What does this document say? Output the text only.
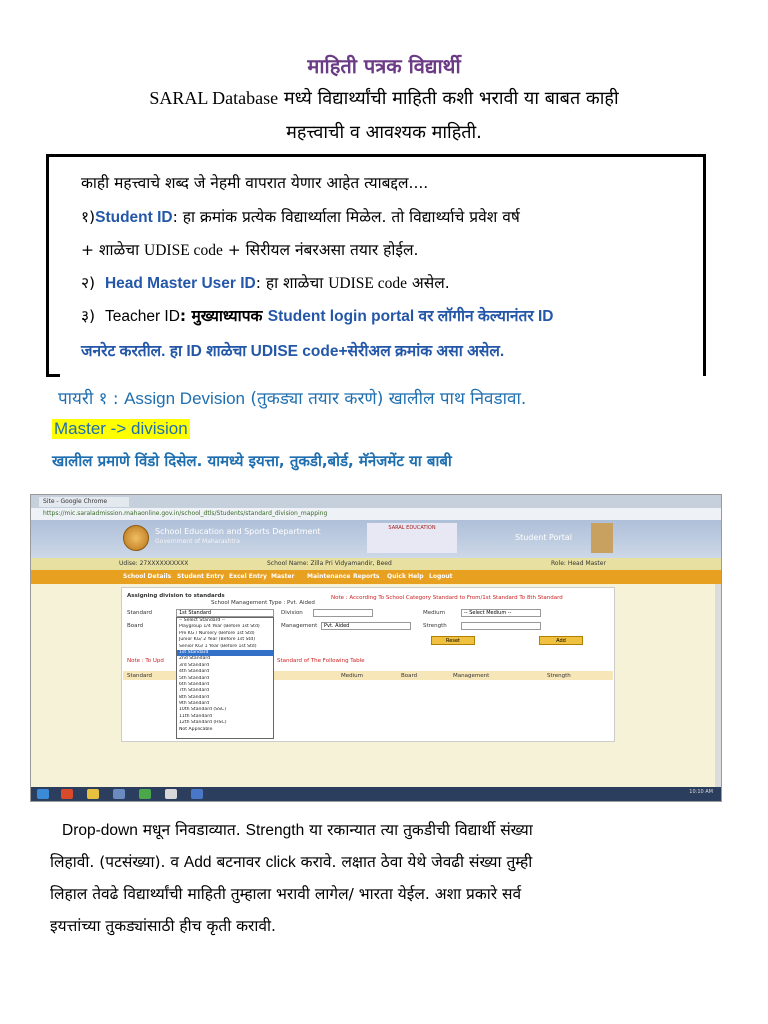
माहिती पत्रक विद्यार्थी
SARAL Database मध्ये विद्यार्थ्यांची माहिती कशी भरावी या बाबत काही
महत्त्वाची व आवश्यक माहिती.
काही महत्त्वाचे शब्द जे नेहमी वापरात येणार आहेत त्याबद्दल....
१)Student ID: हा क्रमांक प्रत्येक विद्यार्थ्याला मिळेल. तो विद्यार्थ्याचे प्रवेश वर्ष
+ शाळेचा UDISE code + सिरीयल नंबरअसा तयार होईल.
२) Head Master User ID: हा शाळेचा UDISE code असेल.
३) Teacher ID: मुख्याध्यापक Student login portal वर लॉगीन केल्यानंतर ID
जनरेट करतील. हा ID शाळेचा UDISE code+सेरीअल क्रमांक असा असेल.
पायरी १ : Assign Devision (तुकड्या तयार करणे) खालील पाथ निवडावा.
Master -> division
खालील प्रमाणे विंडो दिसेल. यामध्ये इयत्ता, तुकडी,बोर्ड, मॅनेजमेंट या बाबी
Site - Google Chrome
https://mic.saraladmission.mahaonline.gov.in/school_dtls/Students/standard_division_mapping
School Education and Sports Department
Government of Maharashtra
SARAL EDUCATION
Student Portal
Udise: 27XXXXXXXXXX	School Name: Zilla Pri Vidyamandir, Beed	Role: Head Master
School Details Student Entry Excel Entry Master Maintenance Reports Quick Help Logout
Assigning division to standards
School Management Type : Pvt. Aided
Note : According To School Category Standard to From/1st Standard To 8th Standard
Standard	1st Standard	Division	Medium	-- Select Medium --
Board	Management	Pvt. Aided	Strength
Reset	Add
Note : To Upd	Standard of The Following Table
Standard	Medium	Board	Management	Strength
-- Select Standard --
Playgroup 1/4 Year (Before 1st Std)
Pre KG / Nursery (Before 1st Std)
Junior KG/ 2 Year (Before 1st Std)
Senior KG/ 1 Year (Before 1st Std)
1st Standard
2nd Standard
3rd Standard
4th Standard
5th Standard
6th Standard
7th Standard
8th Standard
9th Standard
10th Standard (SSC)
11th Standard
12th Standard (HSC)
Not Applicable
10:10 AM
Drop-down मधून निवडाव्यात. Strength या रकान्यात त्या तुकडीची विद्यार्थी संख्या
लिहावी. (पटसंख्या). व Add बटनावर click करावे. लक्षात ठेवा येथे जेवढी संख्या तुम्ही
लिहाल तेवढे विद्यार्थ्यांची माहिती तुम्हाला भरावी लागेल/ भारता येईल. अशा प्रकारे सर्व
इयत्तांच्या तुकड्यांसाठी हीच कृती करावी.
